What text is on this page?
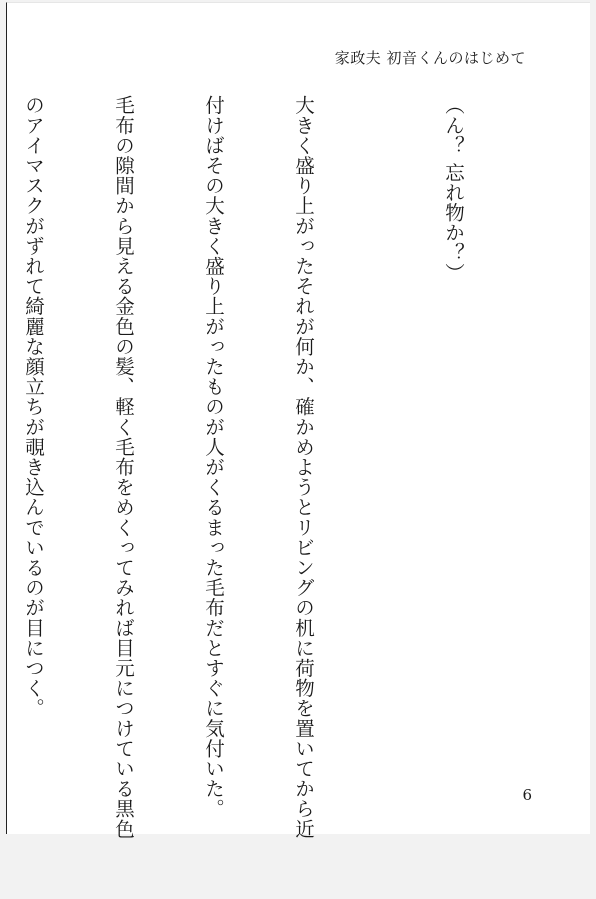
家政夫 初音くんのはじめて

（ん？ 忘れ物か？）

大きく盛り上がったそれが何か、確かめようとリビングの机に荷物を置いてから近

付けばその大きく盛り上がったものが人がくるまった毛布だとすぐに気付いた。

毛布の隙間から見える金色の髪、軽く毛布をめくってみれば目元につけている黒色

のアイマスクがずれて綺麗な顔立ちが覗き込んでいるのが目につく。

6
